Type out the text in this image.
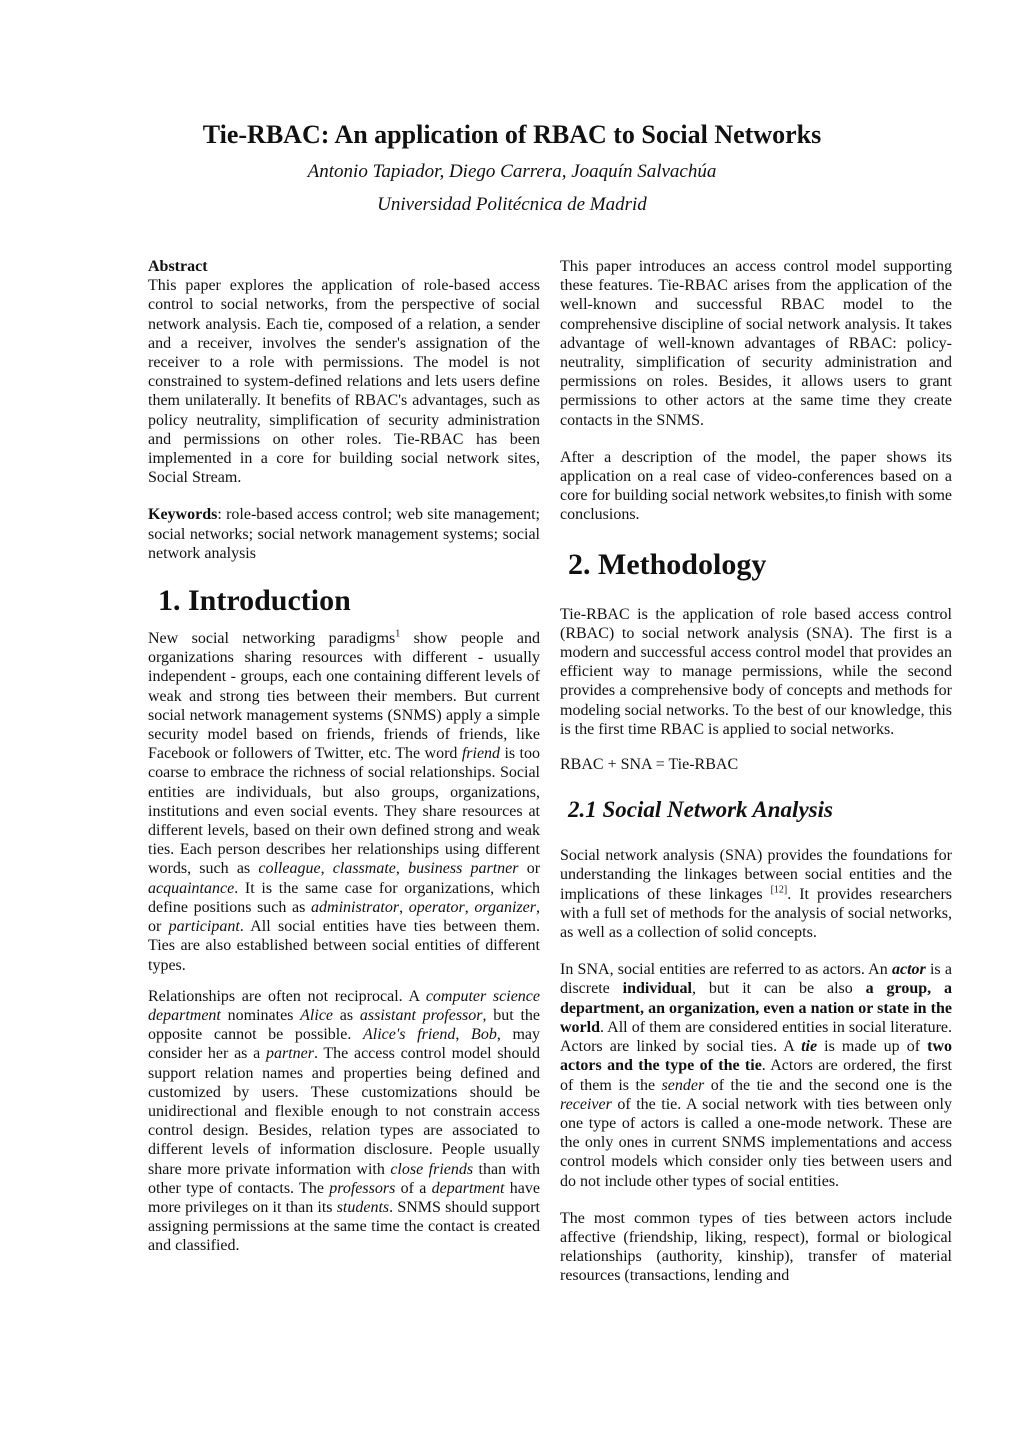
Tie-RBAC: An application of RBAC to Social Networks
Antonio Tapiador, Diego Carrera, Joaquín Salvachúa
Universidad Politécnica de Madrid

Abstract

This paper explores the application of role-based access control to social networks, from the perspective of social network analysis. Each tie, composed of a relation, a sender and a receiver, involves the sender's assignation of the receiver to a role with permissions. The model is not constrained to system-defined relations and lets users define them unilaterally. It benefits of RBAC's advantages, such as policy neutrality, simplification of security administration and permissions on other roles. Tie-RBAC has been implemented in a core for building social network sites, Social Stream.

Keywords: role-based access control; web site management; social networks; social network management systems; social network analysis

1. Introduction

New social networking paradigms$^1$ show people and organizations sharing resources with different - usually independent - groups, each one containing different levels of weak and strong ties between their members. But current social network management systems (SNMS) apply a simple security model based on friends, friends of friends, like Facebook or followers of Twitter, etc. The word friend is too coarse to embrace the richness of social relationships. Social entities are individuals, but also groups, organizations, institutions and even social events. They share resources at different levels, based on their own defined strong and weak ties. Each person describes her relationships using different words, such as colleague, classmate, business partner or acquaintance. It is the same case for organizations, which define positions such as administrator, operator, organizer, or participant. All social entities have ties between them. Ties are also established between social entities of different types.

Relationships are often not reciprocal. A computer science department nominates Alice as assistant professor, but the opposite cannot be possible. Alice's friend, Bob, may consider her as a partner. The access control model should support relation names and properties being defined and customized by users. These customizations should be unidirectional and flexible enough to not constrain access control design. Besides, relation types are associated to different levels of information disclosure. People usually share more private information with close friends than with other type of contacts. The professors of a department have more privileges on it than its students. SNMS should support assigning permissions at the same time the contact is created and classified.

This paper introduces an access control model supporting these features. Tie-RBAC arises from the application of the well-known and successful RBAC model to the comprehensive discipline of social network analysis. It takes advantage of well-known advantages of RBAC: policy-neutrality, simplification of security administration and permissions on roles. Besides, it allows users to grant permissions to other actors at the same time they create contacts in the SNMS.

After a description of the model, the paper shows its application on a real case of video-conferences based on a core for building social network websites,to finish with some conclusions.

2. Methodology

Tie-RBAC is the application of role based access control (RBAC) to social network analysis (SNA). The first is a modern and successful access control model that provides an efficient way to manage permissions, while the second provides a comprehensive body of concepts and methods for modeling social networks. To the best of our knowledge, this is the first time RBAC is applied to social networks.

RBAC + SNA = Tie-RBAC

2.1 Social Network Analysis

Social network analysis (SNA) provides the foundations for understanding the linkages between social entities and the implications of these linkages [12]. It provides researchers with a full set of methods for the analysis of social networks, as well as a collection of solid concepts.

In SNA, social entities are referred to as actors. An actor is a discrete individual, but it can be also a group, a department, an organization, even a nation or state in the world. All of them are considered entities in social literature. Actors are linked by social ties. A tie is made up of two actors and the type of the tie. Actors are ordered, the first of them is the sender of the tie and the second one is the receiver of the tie. A social network with ties between only one type of actors is called a one-mode network. These are the only ones in current SNMS implementations and access control models which consider only ties between users and do not include other types of social entities.

The most common types of ties between actors include affective (friendship, liking, respect), formal or biological relationships (authority, kinship), transfer of material resources (transactions, lending and
